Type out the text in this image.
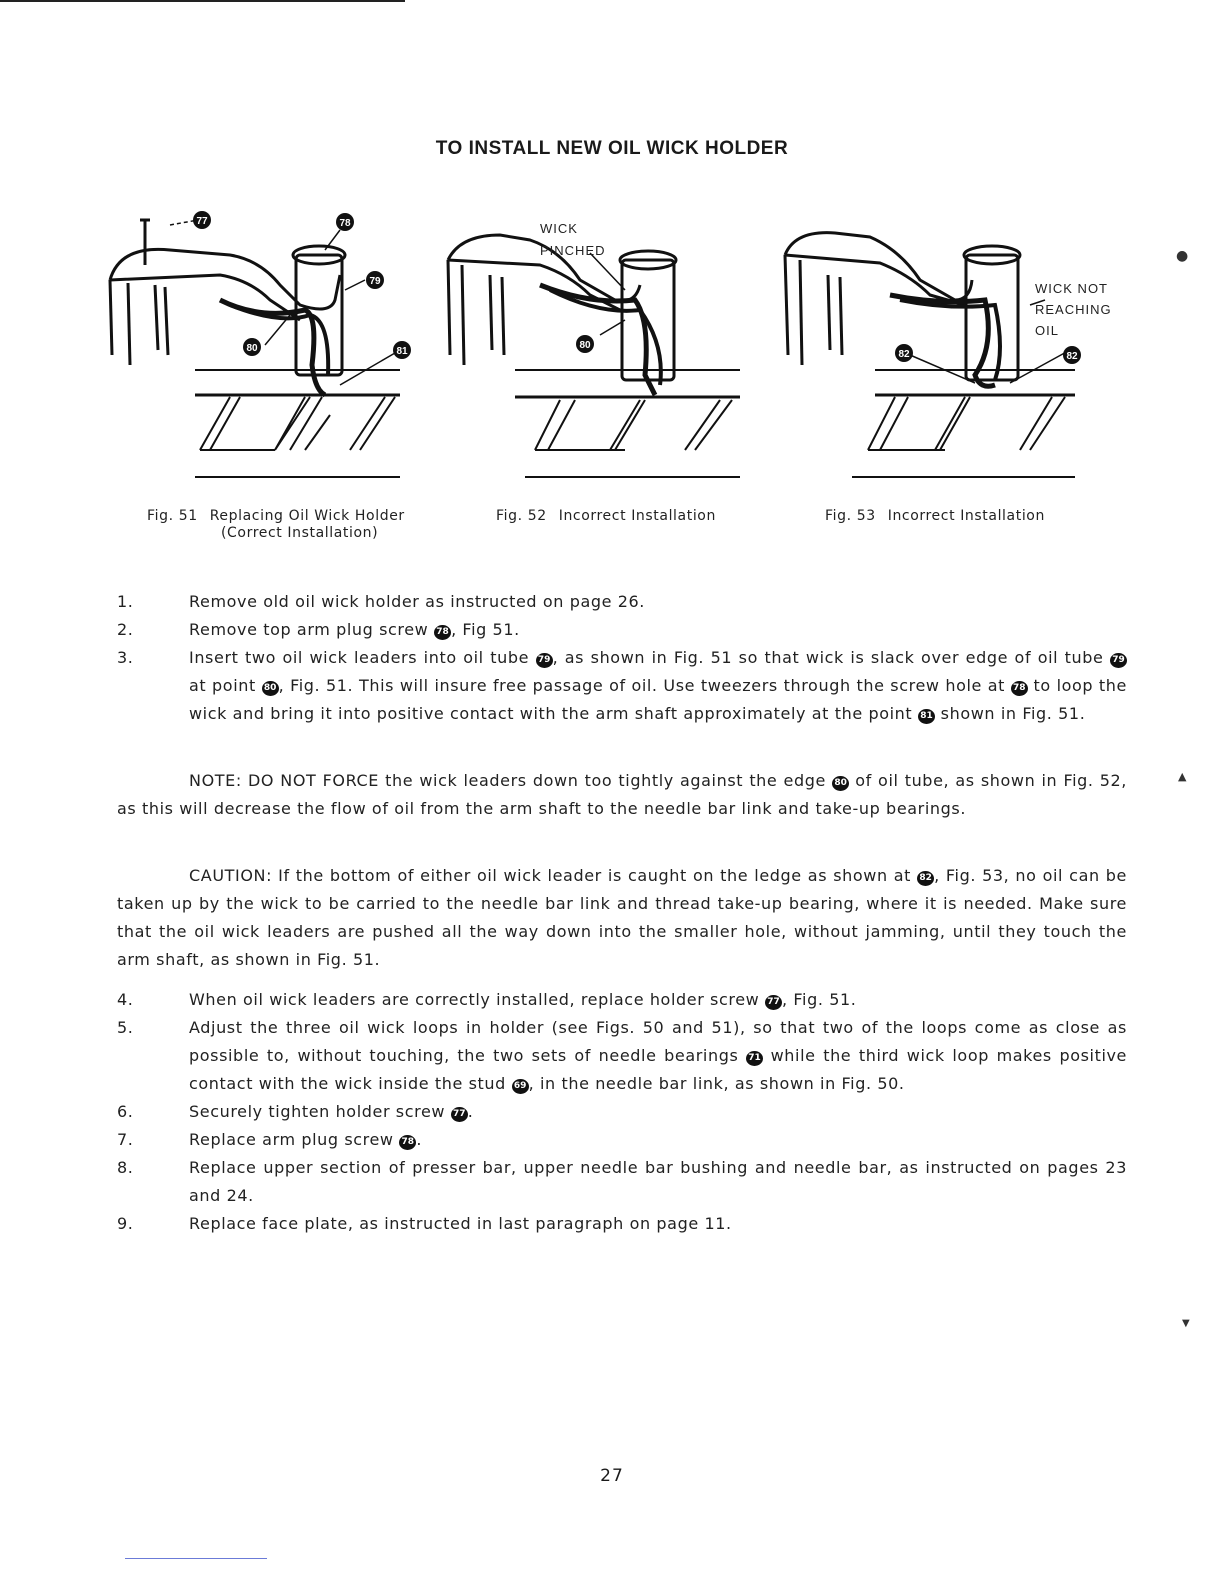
TO INSTALL NEW OIL WICK HOLDER
77	78
79
80	81
WICK
PINCHED
80
WICK NOT
REACHING
OIL
82	82
Fig. 51 Replacing Oil Wick Holder
(Correct Installation)
Fig. 52 Incorrect Installation	Fig. 53 Incorrect Installation
1.	Remove old oil wick holder as instructed on page 26.
2.	Remove top arm plug screw 78 , Fig 51.
3.	Insert two oil wick leaders into oil tube 79 , as shown in Fig. 51 so that wick is slack over edge of oil tube 79 at point 80 , Fig. 51. This will insure free passage of oil. Use tweezers through the screw hole at 78 to loop the wick and bring it into positive contact with the arm shaft approximately at the point 81 shown in Fig. 51.
NOTE: DO NOT FORCE the wick leaders down too tightly against the edge 80 of oil tube, as shown in Fig. 52, as this will decrease the flow of oil from the arm shaft to the needle bar link and take-up bearings.
CAUTION: If the bottom of either oil wick leader is caught on the ledge as shown at 82 , Fig. 53, no oil can be taken up by the wick to be carried to the needle bar link and thread take-up bearing, where it is needed. Make sure that the oil wick leaders are pushed all the way down into the smaller hole, without jamming, until they touch the arm shaft, as shown in Fig. 51.
4.	When oil wick leaders are correctly installed, replace holder screw 77 , Fig. 51.
5.	Adjust the three oil wick loops in holder (see Figs. 50 and 51), so that two of the loops come as close as possible to, without touching, the two sets of needle bearings 71 while the third wick loop makes positive contact with the wick inside the stud 69 , in the needle bar link, as shown in Fig. 50.
6.	Securely tighten holder screw 77 .
7.	Replace arm plug screw 78 .
8.	Replace upper section of presser bar, upper needle bar bushing and needle bar, as instructed on pages 23 and 24.
9.	Replace face plate, as instructed in last paragraph on page 11.
27
●
▲
▼
